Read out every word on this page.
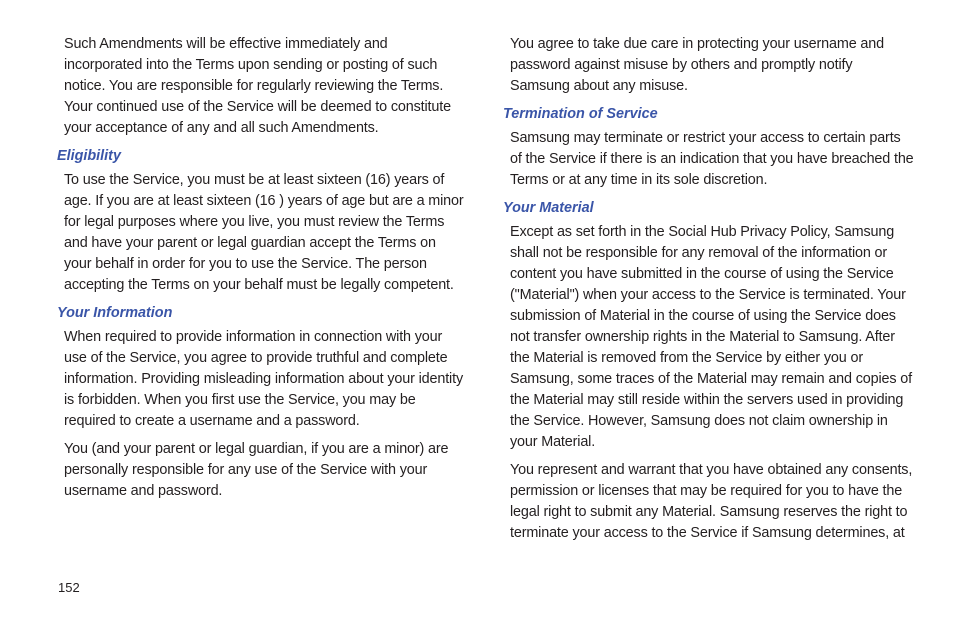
Such Amendments will be effective immediately and incorporated into the Terms upon sending or posting of such notice. You are responsible for regularly reviewing the Terms. Your continued use of the Service will be deemed to constitute your acceptance of any and all such Amendments.

Eligibility

To use the Service, you must be at least sixteen (16) years of age. If you are at least sixteen (16 ) years of age but are a minor for legal purposes where you live, you must review the Terms and have your parent or legal guardian accept the Terms on your behalf in order for you to use the Service. The person accepting the Terms on your behalf must be legally competent.

Your Information

When required to provide information in connection with your use of the Service, you agree to provide truthful and complete information. Providing misleading information about your identity is forbidden. When you first use the Service, you may be required to create a username and a password.

You (and your parent or legal guardian, if you are a minor) are personally responsible for any use of the Service with your username and password.

You agree to take due care in protecting your username and password against misuse by others and promptly notify Samsung about any misuse.

Termination of Service

Samsung may terminate or restrict your access to certain parts of the Service if there is an indication that you have breached the Terms or at any time in its sole discretion.

Your Material

Except as set forth in the Social Hub Privacy Policy, Samsung shall not be responsible for any removal of the information or content you have submitted in the course of using the Service ("Material") when your access to the Service is terminated. Your submission of Material in the course of using the Service does not transfer ownership rights in the Material to Samsung. After the Material is removed from the Service by either you or Samsung, some traces of the Material may remain and copies of the Material may still reside within the servers used in providing the Service. However, Samsung does not claim ownership in your Material.

You represent and warrant that you have obtained any consents, permission or licenses that may be required for you to have the legal right to submit any Material. Samsung reserves the right to terminate your access to the Service if Samsung determines, at

152
